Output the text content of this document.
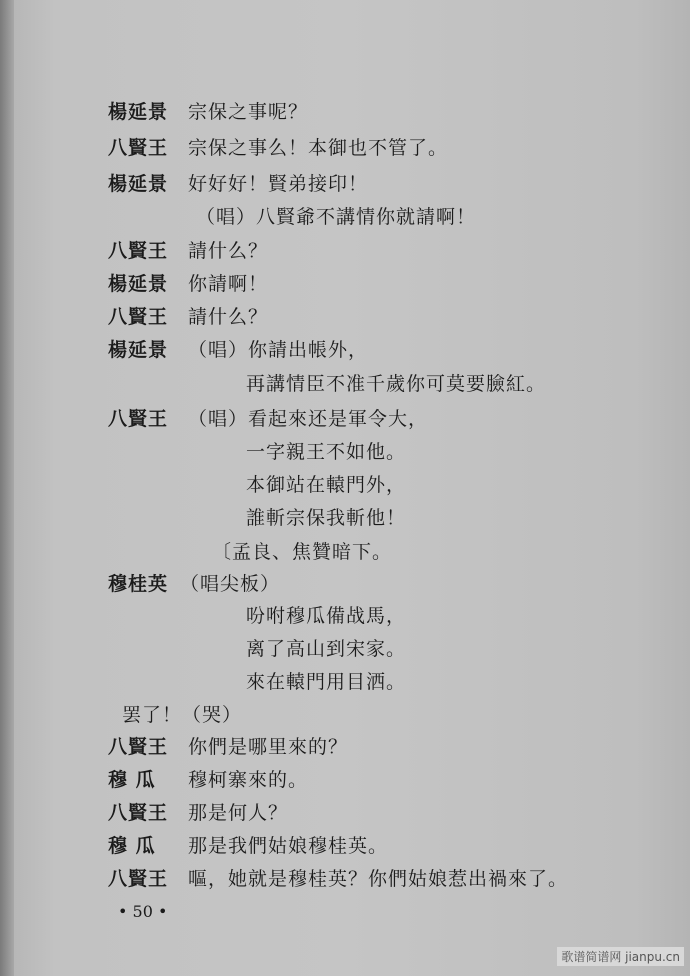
楊延景 宗保之事呢？
八賢王 宗保之事么！本御也不管了。
楊延景 好好好！賢弟接印！
（唱）八賢爺不講情你就請啊！
八賢王 請什么？
楊延景 你請啊！
八賢王 請什么？
楊延景 （唱）你請出帳外，
再講情臣不准千歲你可莫要臉紅。
八賢王 （唱）看起來还是軍令大，
一字親王不如他。
本御站在轅門外，
誰斬宗保我斬他！
〔孟良、焦贊暗下。
穆桂英 （唱尖板）
吩咐穆瓜備战馬，
离了高山到宋家。
來在轅門用目洒。
罢了！（哭）
八賢王 你們是哪里來的？
穆 瓜 穆柯寨來的。
八賢王 那是何人？
穆 瓜 那是我們姑娘穆桂英。
八賢王 嘔，她就是穆桂英？你們姑娘惹出禍來了。
• 50 •
歌谱简谱网 jianpu.cn
